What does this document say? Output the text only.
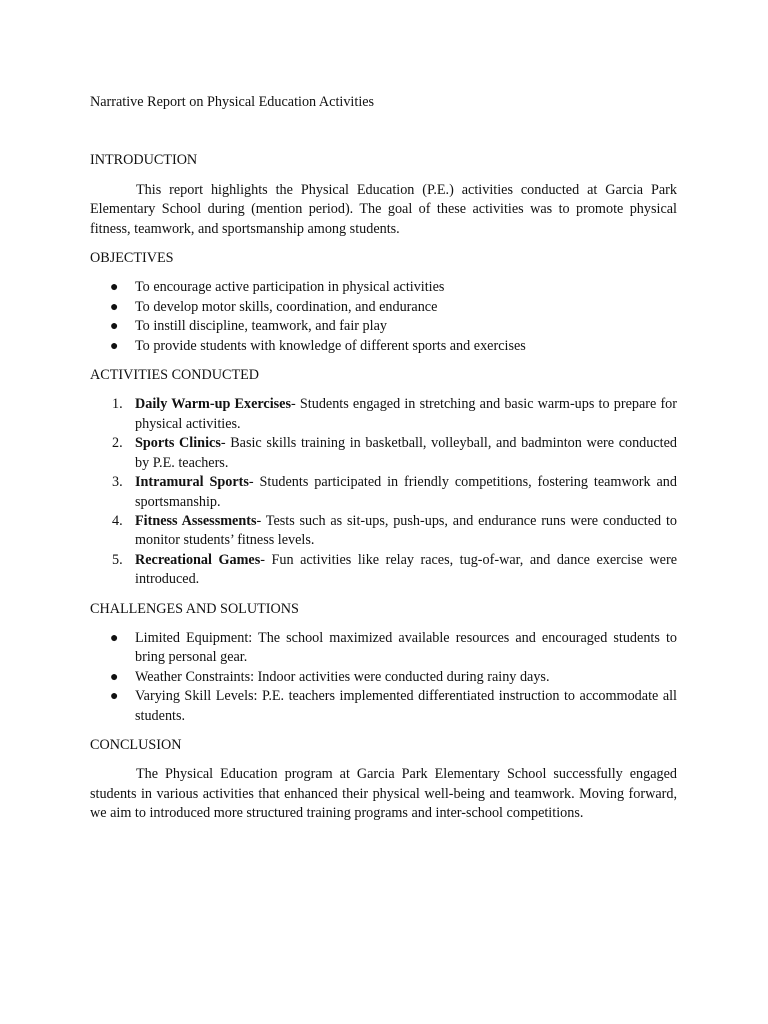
Narrative Report on Physical Education Activities

INTRODUCTION

This report highlights the Physical Education (P.E.) activities conducted at Garcia Park Elementary School during (mention period). The goal of these activities was to promote physical fitness, teamwork, and sportsmanship among students.

OBJECTIVES

● To encourage active participation in physical activities
● To develop motor skills, coordination, and endurance
● To instill discipline, teamwork, and fair play
● To provide students with knowledge of different sports and exercises

ACTIVITIES CONDUCTED

1. Daily Warm-up Exercises- Students engaged in stretching and basic warm-ups to prepare for physical activities.
2. Sports Clinics- Basic skills training in basketball, volleyball, and badminton were conducted by P.E. teachers.
3. Intramural Sports- Students participated in friendly competitions, fostering teamwork and sportsmanship.
4. Fitness Assessments- Tests such as sit-ups, push-ups, and endurance runs were conducted to monitor students’ fitness levels.
5. Recreational Games- Fun activities like relay races, tug-of-war, and dance exercise were introduced.

CHALLENGES AND SOLUTIONS

● Limited Equipment: The school maximized available resources and encouraged students to bring personal gear.
● Weather Constraints: Indoor activities were conducted during rainy days.
● Varying Skill Levels: P.E. teachers implemented differentiated instruction to accommodate all students.

CONCLUSION

The Physical Education program at Garcia Park Elementary School successfully engaged students in various activities that enhanced their physical well-being and teamwork. Moving forward, we aim to introduced more structured training programs and inter-school competitions.
